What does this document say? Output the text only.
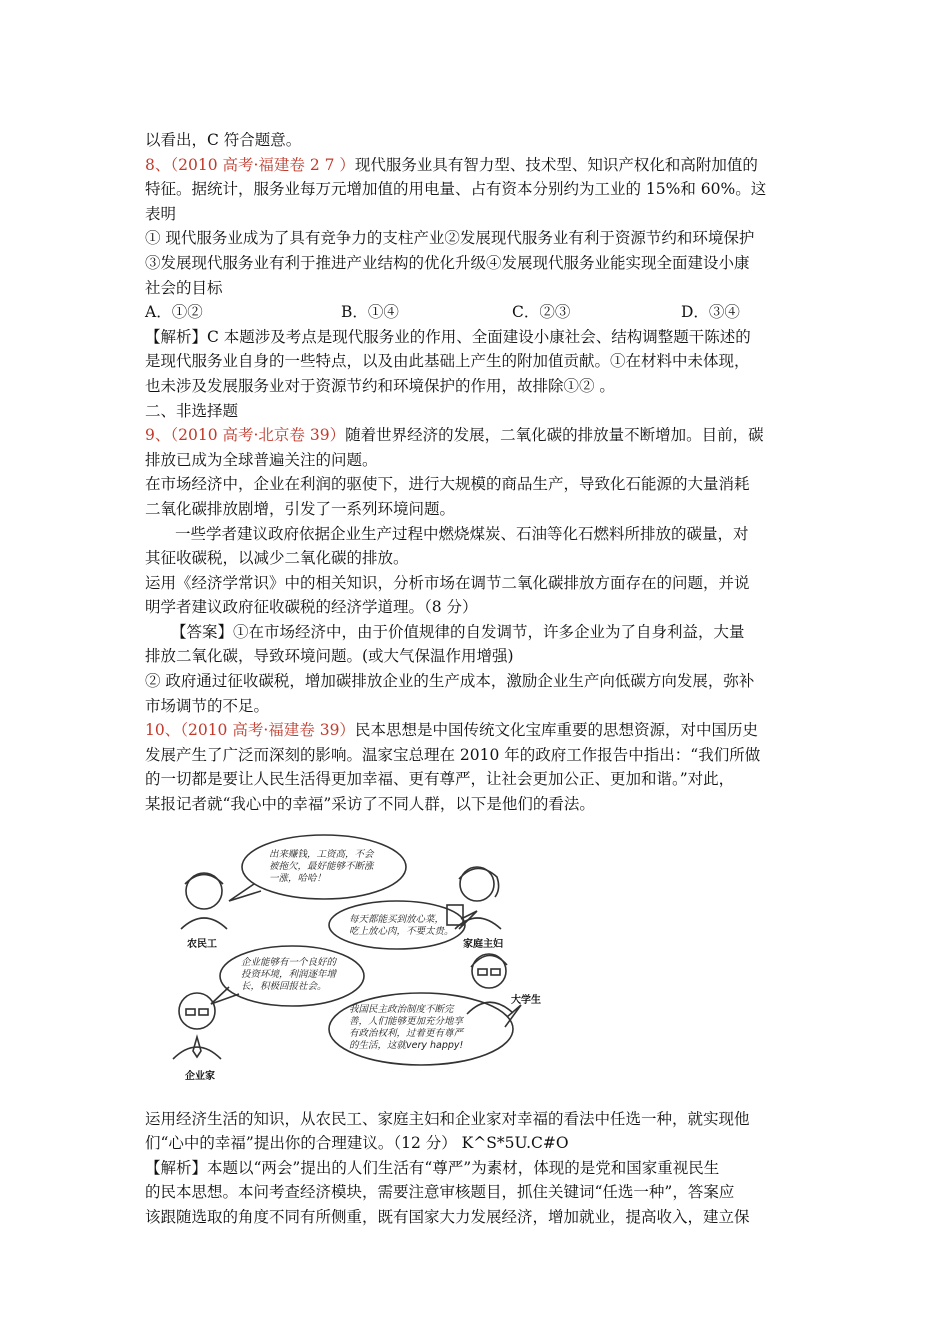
以看出，C 符合题意。
8、（2010 高考·福建卷 2 7 ）现代服务业具有智力型、技术型、知识产权化和高附加值的
特征。据统计，服务业每万元增加值的用电量、占有资本分别约为工业的 15%和 60%。这
表明
① 现代服务业成为了具有竞争力的支柱产业②发展现代服务业有利于资源节约和环境保护
③发展现代服务业有利于推进产业结构的优化升级④发展现代服务业能实现全面建设小康
社会的目标
A．①②	B．①④	C．②③	D．③④
【解析】C 本题涉及考点是现代服务业的作用、全面建设小康社会、结构调整题干陈述的
是现代服务业自身的一些特点，以及由此基础上产生的附加值贡献。①在材料中未体现，
也未涉及发展服务业对于资源节约和环境保护的作用，故排除①② 。
二、非选择题
9、（2010 高考·北京卷 39）随着世界经济的发展，二氧化碳的排放量不断增加。目前，碳
排放已成为全球普遍关注的问题。
在市场经济中，企业在利润的驱使下，进行大规模的商品生产，导致化石能源的大量消耗
二氧化碳排放剧增，引发了一系列环境问题。
一些学者建议政府依据企业生产过程中燃烧煤炭、石油等化石燃料所排放的碳量，对
其征收碳税，以减少二氧化碳的排放。
运用《经济学常识》中的相关知识，分析市场在调节二氧化碳排放方面存在的问题，并说
明学者建议政府征收碳税的经济学道理。（8 分）
【答案】①在市场经济中，由于价值规律的自发调节，许多企业为了自身利益，大量
排放二氧化碳，导致环境问题。(或大气保温作用增强)
② 政府通过征收碳税，增加碳排放企业的生产成本，激励企业生产向低碳方向发展，弥补
市场调节的不足。
10、（2010 高考·福建卷 39）民本思想是中国传统文化宝库重要的思想资源，对中国历史
发展产生了广泛而深刻的影响。温家宝总理在 2010 年的政府工作报告中指出：“我们所做
的一切都是要让人民生活得更加幸福、更有尊严，让社会更加公正、更加和谐。”对此，
某报记者就“我心中的幸福”采访了不同人群，以下是他们的看法。
出来赚钱，工资高，不会
被拖欠，最好能够不断涨
一涨，哈哈！
每天都能买到放心菜，
吃上放心肉，不要太贵。
企业能够有一个良好的
投资环境，利润逐年增
长，积极回报社会。
我国民主政治制度不断完
善，人们能够更加充分地享
有政治权利，过着更有尊严
的生活，这就very happy!
农民工	家庭主妇
大学生
企业家
运用经济生活的知识，从农民工、家庭主妇和企业家对幸福的看法中任选一种，就实现他
们“心中的幸福”提出你的合理建议。（12 分） K^S*5U.C#O
【解析】本题以“两会”提出的人们生活有“尊严”为素材，体现的是党和国家重视民生
的民本思想。本问考查经济模块，需要注意审核题目，抓住关键词“任选一种”，答案应
该跟随选取的角度不同有所侧重，既有国家大力发展经济，增加就业，提高收入，建立保
